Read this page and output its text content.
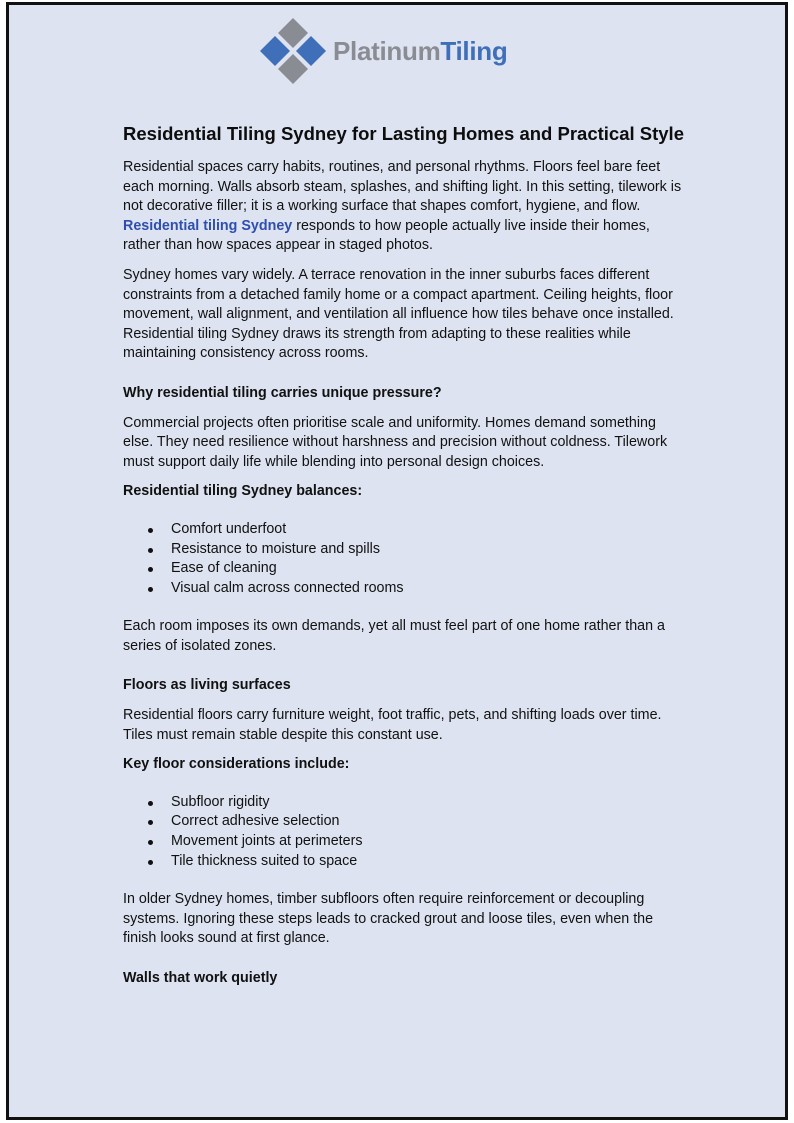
PlatinumTiling
Residential Tiling Sydney for Lasting Homes and Practical Style

Residential spaces carry habits, routines, and personal rhythms. Floors feel bare feet each morning. Walls absorb steam, splashes, and shifting light. In this setting, tilework is not decorative filler; it is a working surface that shapes comfort, hygiene, and flow. Residential tiling Sydney responds to how people actually live inside their homes, rather than how spaces appear in staged photos.

Sydney homes vary widely. A terrace renovation in the inner suburbs faces different constraints from a detached family home or a compact apartment. Ceiling heights, floor movement, wall alignment, and ventilation all influence how tiles behave once installed. Residential tiling Sydney draws its strength from adapting to these realities while maintaining consistency across rooms.

Why residential tiling carries unique pressure?

Commercial projects often prioritise scale and uniformity. Homes demand something else. They need resilience without harshness and precision without coldness. Tilework must support daily life while blending into personal design choices.

Residential tiling Sydney balances:
Comfort underfoot
Resistance to moisture and spills
Ease of cleaning
Visual calm across connected rooms

Each room imposes its own demands, yet all must feel part of one home rather than a series of isolated zones.

Floors as living surfaces

Residential floors carry furniture weight, foot traffic, pets, and shifting loads over time. Tiles must remain stable despite this constant use.

Key floor considerations include:
Subfloor rigidity
Correct adhesive selection
Movement joints at perimeters
Tile thickness suited to space

In older Sydney homes, timber subfloors often require reinforcement or decoupling systems. Ignoring these steps leads to cracked grout and loose tiles, even when the finish looks sound at first glance.

Walls that work quietly
